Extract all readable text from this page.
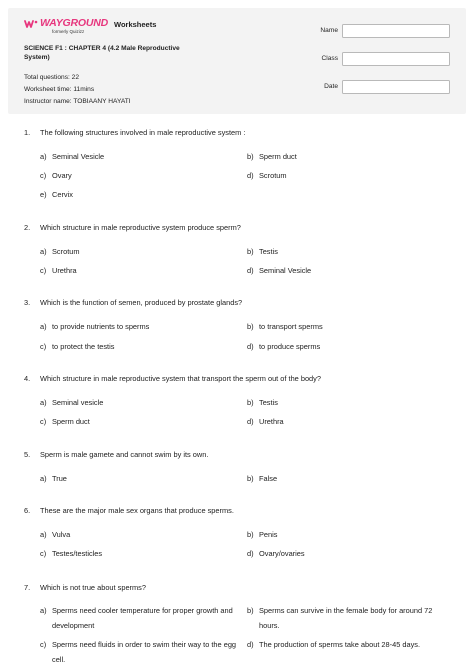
WAYGROUND
formerly Quizizz
Worksheets
SCIENCE F1 : CHAPTER 4 (4.2 Male Reproductive System)
Total questions: 22
Worksheet time: 11mins
Instructor name: TOBIAANY HAYATI
Name
Class
Date
1.	The following structures involved in male reproductive system :
a) Seminal Vesicle	b) Sperm duct
c) Ovary	d) Scrotum
e) Cervix
2.	Which structure in male reproductive system produce sperm?
a) Scrotum	b) Testis
c) Urethra	d) Seminal Vesicle
3.	Which is the function of semen, produced by prostate glands?
a) to provide nutrients to sperms	b) to transport sperms
c) to protect the testis	d) to produce sperms
4.	Which structure in male reproductive system that transport the sperm out of the body?
a) Seminal vesicle	b) Testis
c) Sperm duct	d) Urethra
5.	Sperm is male gamete and cannot swim by its own.
a) True	b) False
6.	These are the major male sex organs that produce sperms.
a) Vulva	b) Penis
c) Testes/testicles	d) Ovary/ovaries
7.	Which is not true about sperms?
a) Sperms need cooler temperature for proper growth and development
b) Sperms can survive in the female body for around 72 hours.
c) Sperms need fluids in order to swim their way to the egg cell.
d) The production of sperms take about 28-45 days.
